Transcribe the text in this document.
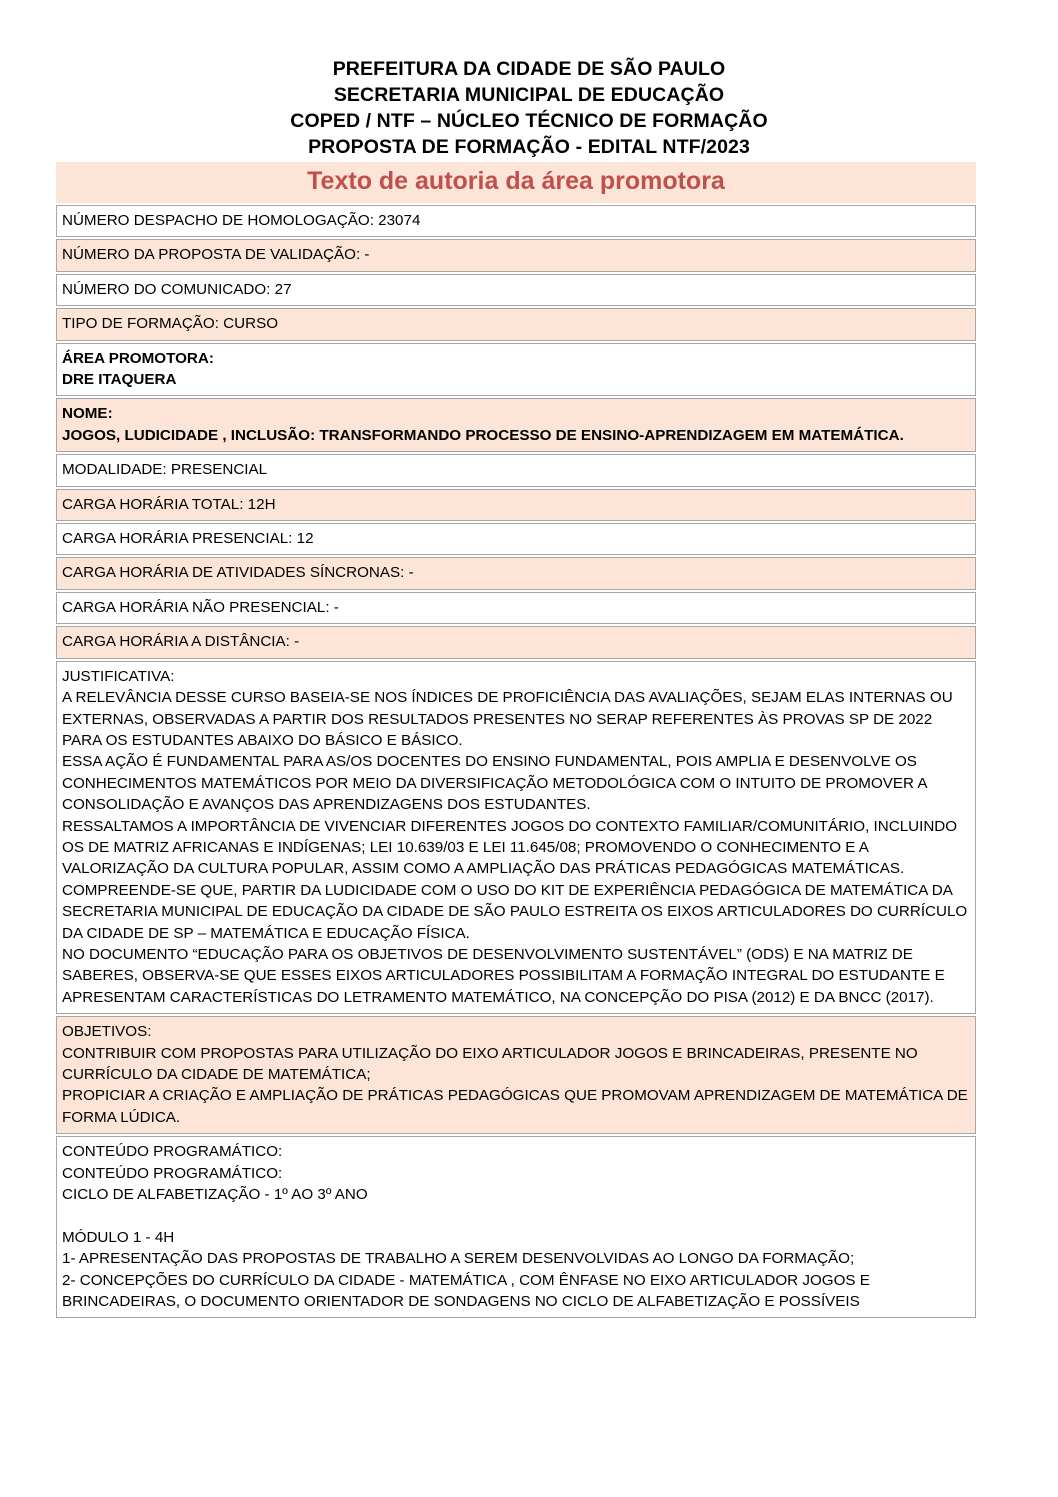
PREFEITURA DA CIDADE DE SÃO PAULO
SECRETARIA MUNICIPAL DE EDUCAÇÃO
COPED / NTF – NÚCLEO TÉCNICO DE FORMAÇÃO
PROPOSTA DE FORMAÇÃO - EDITAL NTF/2023
Texto de autoria da área promotora

NÚMERO DESPACHO DE HOMOLOGAÇÃO: 23074
NÚMERO DA PROPOSTA DE VALIDAÇÃO: -
NÚMERO DO COMUNICADO: 27
TIPO DE FORMAÇÃO: CURSO

ÁREA PROMOTORA:
DRE ITAQUERA

NOME:
JOGOS, LUDICIDADE , INCLUSÃO: TRANSFORMANDO PROCESSO DE ENSINO-APRENDIZAGEM EM MATEMÁTICA.

MODALIDADE: PRESENCIAL
CARGA HORÁRIA TOTAL: 12H
CARGA HORÁRIA PRESENCIAL: 12
CARGA HORÁRIA DE ATIVIDADES SÍNCRONAS: -
CARGA HORÁRIA NÃO PRESENCIAL: -
CARGA HORÁRIA A DISTÂNCIA: -

JUSTIFICATIVA:
A RELEVÂNCIA DESSE CURSO BASEIA-SE NOS ÍNDICES DE PROFICIÊNCIA DAS AVALIAÇÕES, SEJAM ELAS INTERNAS OU EXTERNAS, OBSERVADAS A PARTIR DOS RESULTADOS PRESENTES NO SERAP REFERENTES ÀS PROVAS SP DE 2022 PARA OS ESTUDANTES ABAIXO DO BÁSICO E BÁSICO.
ESSA AÇÃO É FUNDAMENTAL PARA AS/OS DOCENTES DO ENSINO FUNDAMENTAL, POIS AMPLIA E DESENVOLVE OS CONHECIMENTOS MATEMÁTICOS POR MEIO DA DIVERSIFICAÇÃO METODOLÓGICA COM O INTUITO DE PROMOVER A CONSOLIDAÇÃO E AVANÇOS DAS APRENDIZAGENS DOS ESTUDANTES.
RESSALTAMOS A IMPORTÂNCIA DE VIVENCIAR DIFERENTES JOGOS DO CONTEXTO FAMILIAR/COMUNITÁRIO, INCLUINDO OS DE MATRIZ AFRICANAS E INDÍGENAS; LEI 10.639/03 E LEI 11.645/08; PROMOVENDO O CONHECIMENTO E A VALORIZAÇÃO DA CULTURA POPULAR, ASSIM COMO A AMPLIAÇÃO DAS PRÁTICAS PEDAGÓGICAS MATEMÁTICAS.
COMPREENDE-SE QUE, PARTIR DA LUDICIDADE COM O USO DO KIT DE EXPERIÊNCIA PEDAGÓGICA DE MATEMÁTICA DA SECRETARIA MUNICIPAL DE EDUCAÇÃO DA CIDADE DE SÃO PAULO ESTREITA OS EIXOS ARTICULADORES DO CURRÍCULO DA CIDADE DE SP – MATEMÁTICA E EDUCAÇÃO FÍSICA.
NO DOCUMENTO “EDUCAÇÃO PARA OS OBJETIVOS DE DESENVOLVIMENTO SUSTENTÁVEL” (ODS) E NA MATRIZ DE SABERES, OBSERVA-SE QUE ESSES EIXOS ARTICULADORES POSSIBILITAM A FORMAÇÃO INTEGRAL DO ESTUDANTE E APRESENTAM CARACTERÍSTICAS DO LETRAMENTO MATEMÁTICO, NA CONCEPÇÃO DO PISA (2012) E DA BNCC (2017).

OBJETIVOS:
CONTRIBUIR COM PROPOSTAS PARA UTILIZAÇÃO DO EIXO ARTICULADOR JOGOS E BRINCADEIRAS, PRESENTE NO CURRÍCULO DA CIDADE DE MATEMÁTICA;
PROPICIAR A CRIAÇÃO E AMPLIAÇÃO DE PRÁTICAS PEDAGÓGICAS QUE PROMOVAM APRENDIZAGEM DE MATEMÁTICA DE FORMA LÚDICA.

CONTEÚDO PROGRAMÁTICO:
CONTEÚDO PROGRAMÁTICO:
CICLO DE ALFABETIZAÇÃO - 1º AO 3º ANO
MÓDULO 1 - 4H
1- APRESENTAÇÃO DAS PROPOSTAS DE TRABALHO A SEREM DESENVOLVIDAS AO LONGO DA FORMAÇÃO;
2- CONCEPÇÕES DO CURRÍCULO DA CIDADE - MATEMÁTICA , COM ÊNFASE NO EIXO ARTICULADOR JOGOS E BRINCADEIRAS, O DOCUMENTO ORIENTADOR DE SONDAGENS NO CICLO DE ALFABETIZAÇÃO E POSSÍVEIS
